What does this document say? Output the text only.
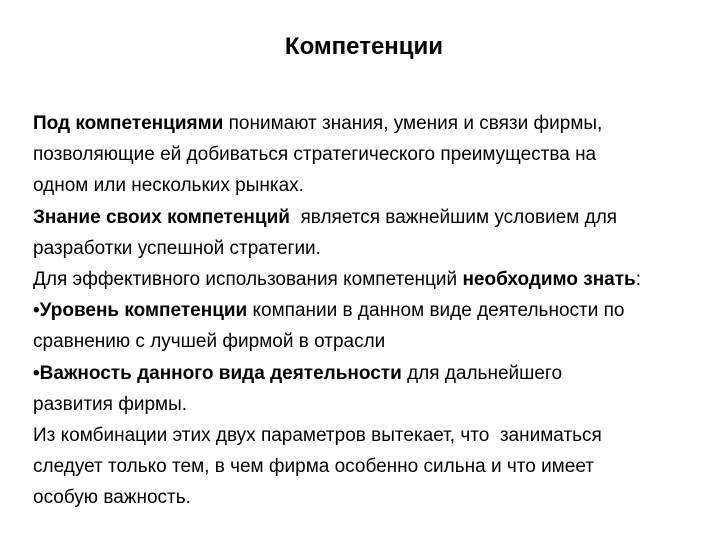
Компетенции
Под компетенциями понимают знания, умения и связи фирмы,
позволяющие ей добиваться стратегического преимущества на
одном или нескольких рынках.
Знание своих компетенций  является важнейшим условием для
разработки успешной стратегии.
Для эффективного использования компетенций необходимо знать:
•Уровень компетенции компании в данном виде деятельности по
сравнению с лучшей фирмой в отрасли
•Важность данного вида деятельности для дальнейшего
развития фирмы.
Из комбинации этих двух параметров вытекает, что  заниматься
следует только тем, в чем фирма особенно сильна и что имеет
особую важность.
